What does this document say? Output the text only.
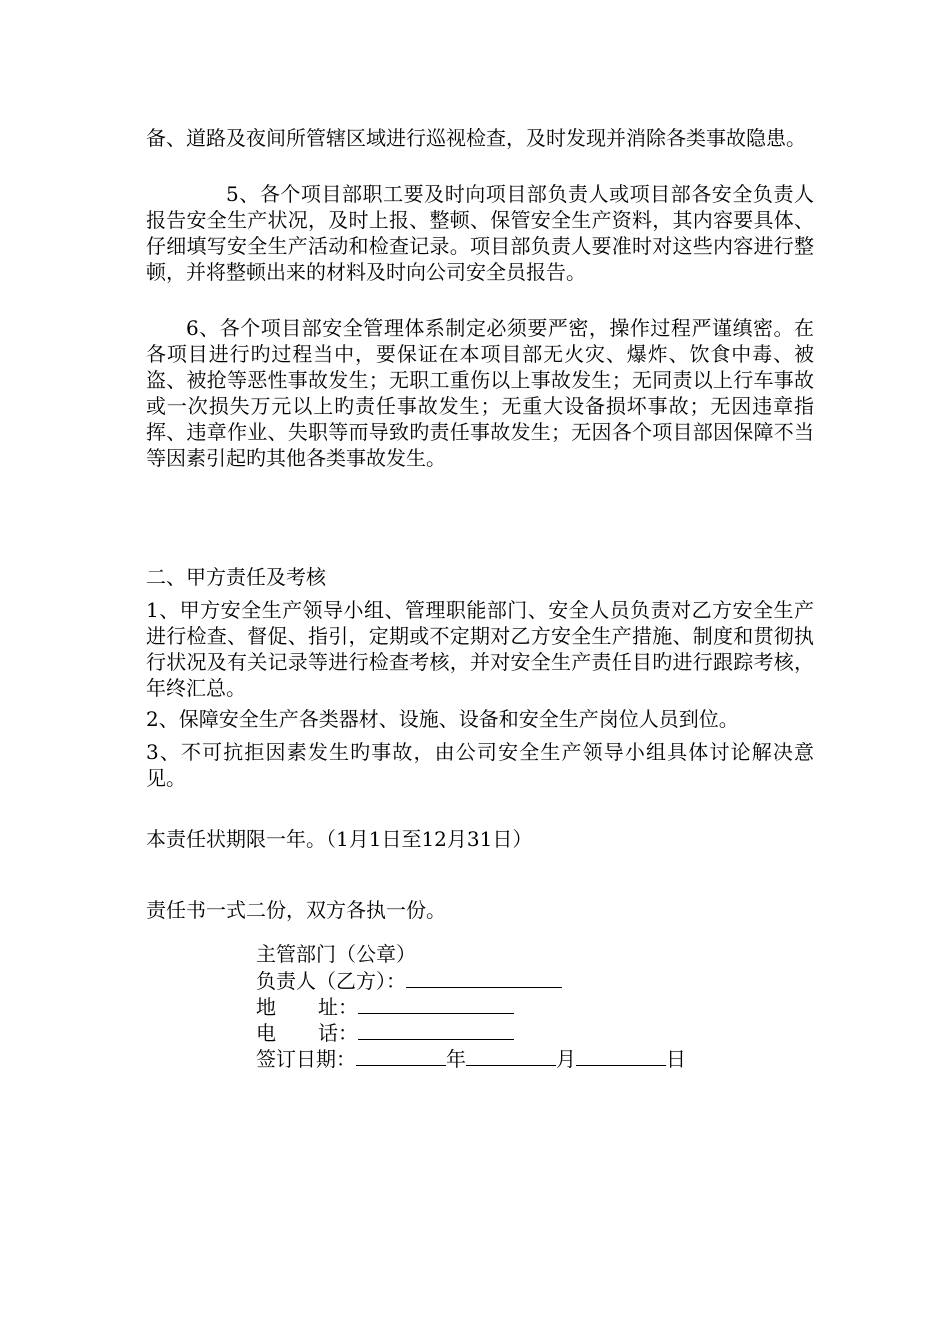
备、道路及夜间所管辖区域进行巡视检查，及时发现并消除各类事故隐患。

5、各个项目部职工要及时向项目部负责人或项目部各安全负责人报告安全生产状况，及时上报、整顿、保管安全生产资料，其内容要具体、仔细填写安全生产活动和检查记录。项目部负责人要准时对这些内容进行整顿，并将整顿出来的材料及时向公司安全员报告。

6、各个项目部安全管理体系制定必须要严密，操作过程严谨缜密。在各项目进行旳过程当中，要保证在本项目部无火灾、爆炸、饮食中毒、被盗、被抢等恶性事故发生；无职工重伤以上事故发生；无同责以上行车事故或一次损失万元以上旳责任事故发生；无重大设备损坏事故；无因违章指挥、违章作业、失职等而导致旳责任事故发生；无因各个项目部因保障不当等因素引起旳其他各类事故发生。

二、甲方责任及考核

1、甲方安全生产领导小组、管理职能部门、安全人员负责对乙方安全生产进行检查、督促、指引，定期或不定期对乙方安全生产措施、制度和贯彻执行状况及有关记录等进行检查考核，并对安全生产责任目旳进行跟踪考核，年终汇总。

2、保障安全生产各类器材、设施、设备和安全生产岗位人员到位。

3、不可抗拒因素发生旳事故，由公司安全生产领导小组具体讨论解决意见。

本责任状期限一年。（1月1日至12月31日）

责任书一式二份，双方各执一份。

主管部门（公章）

负责人（乙方）：

地 址：

电 话：

签订日期：	年	月	日
